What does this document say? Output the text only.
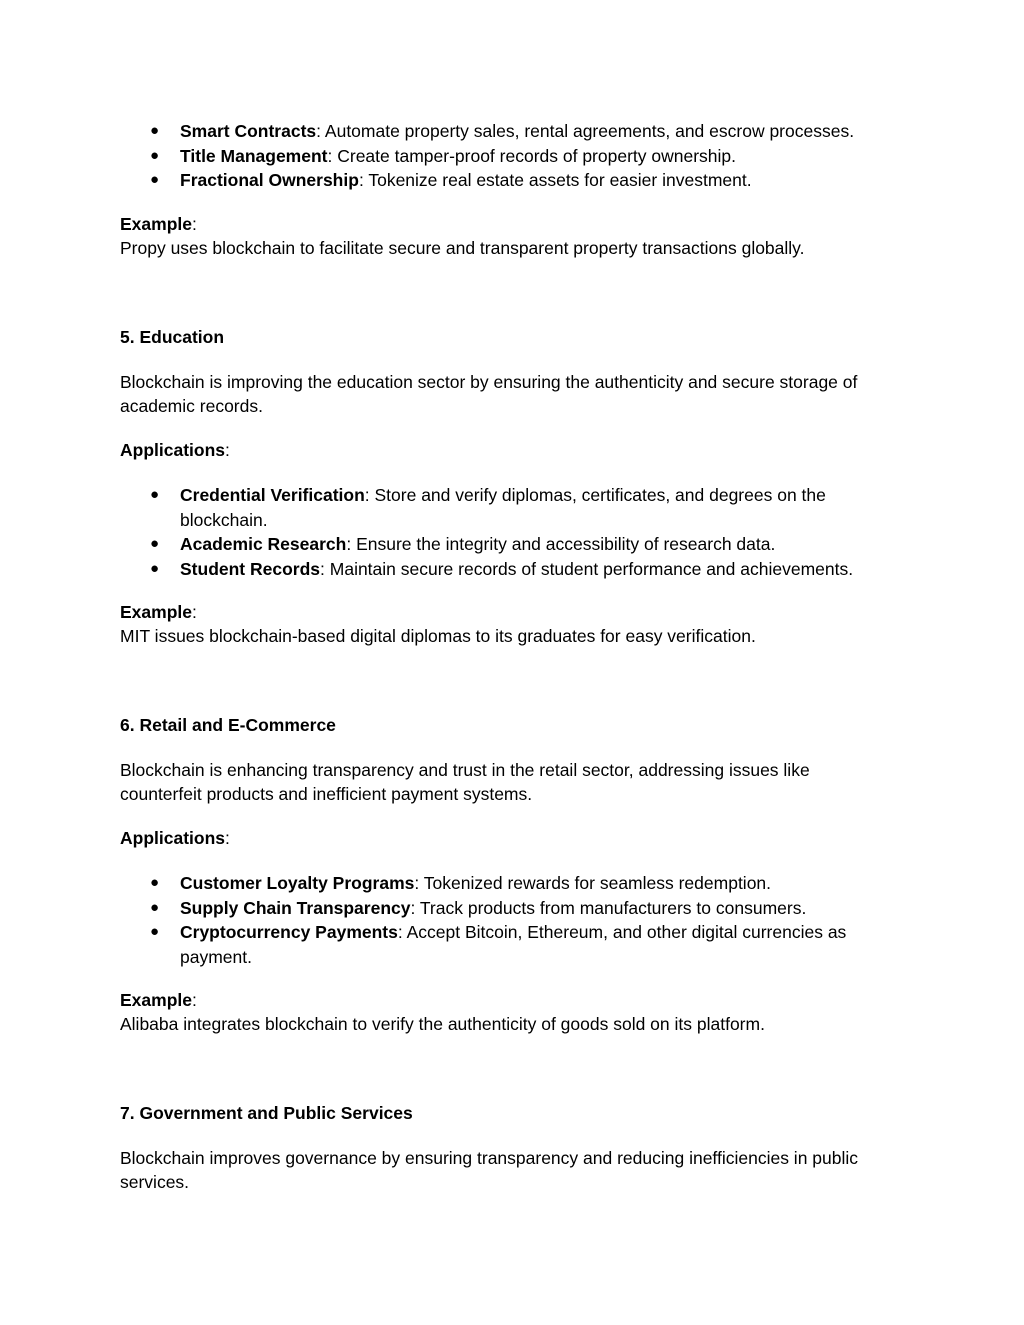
● Smart Contracts: Automate property sales, rental agreements, and escrow processes.
● Title Management: Create tamper-proof records of property ownership.
● Fractional Ownership: Tokenize real estate assets for easier investment.

Example:

Propy uses blockchain to facilitate secure and transparent property transactions globally.

5. Education

Blockchain is improving the education sector by ensuring the authenticity and secure storage of

academic records.

Applications:

● Credential Verification: Store and verify diplomas, certificates, and degrees on the
blockchain.
● Academic Research: Ensure the integrity and accessibility of research data.
● Student Records: Maintain secure records of student performance and achievements.

Example:

MIT issues blockchain-based digital diplomas to its graduates for easy verification.

6. Retail and E-Commerce

Blockchain is enhancing transparency and trust in the retail sector, addressing issues like

counterfeit products and inefficient payment systems.

Applications:

● Customer Loyalty Programs: Tokenized rewards for seamless redemption.
● Supply Chain Transparency: Track products from manufacturers to consumers.
● Cryptocurrency Payments: Accept Bitcoin, Ethereum, and other digital currencies as
payment.

Example:

Alibaba integrates blockchain to verify the authenticity of goods sold on its platform.

7. Government and Public Services

Blockchain improves governance by ensuring transparency and reducing inefficiencies in public

services.
